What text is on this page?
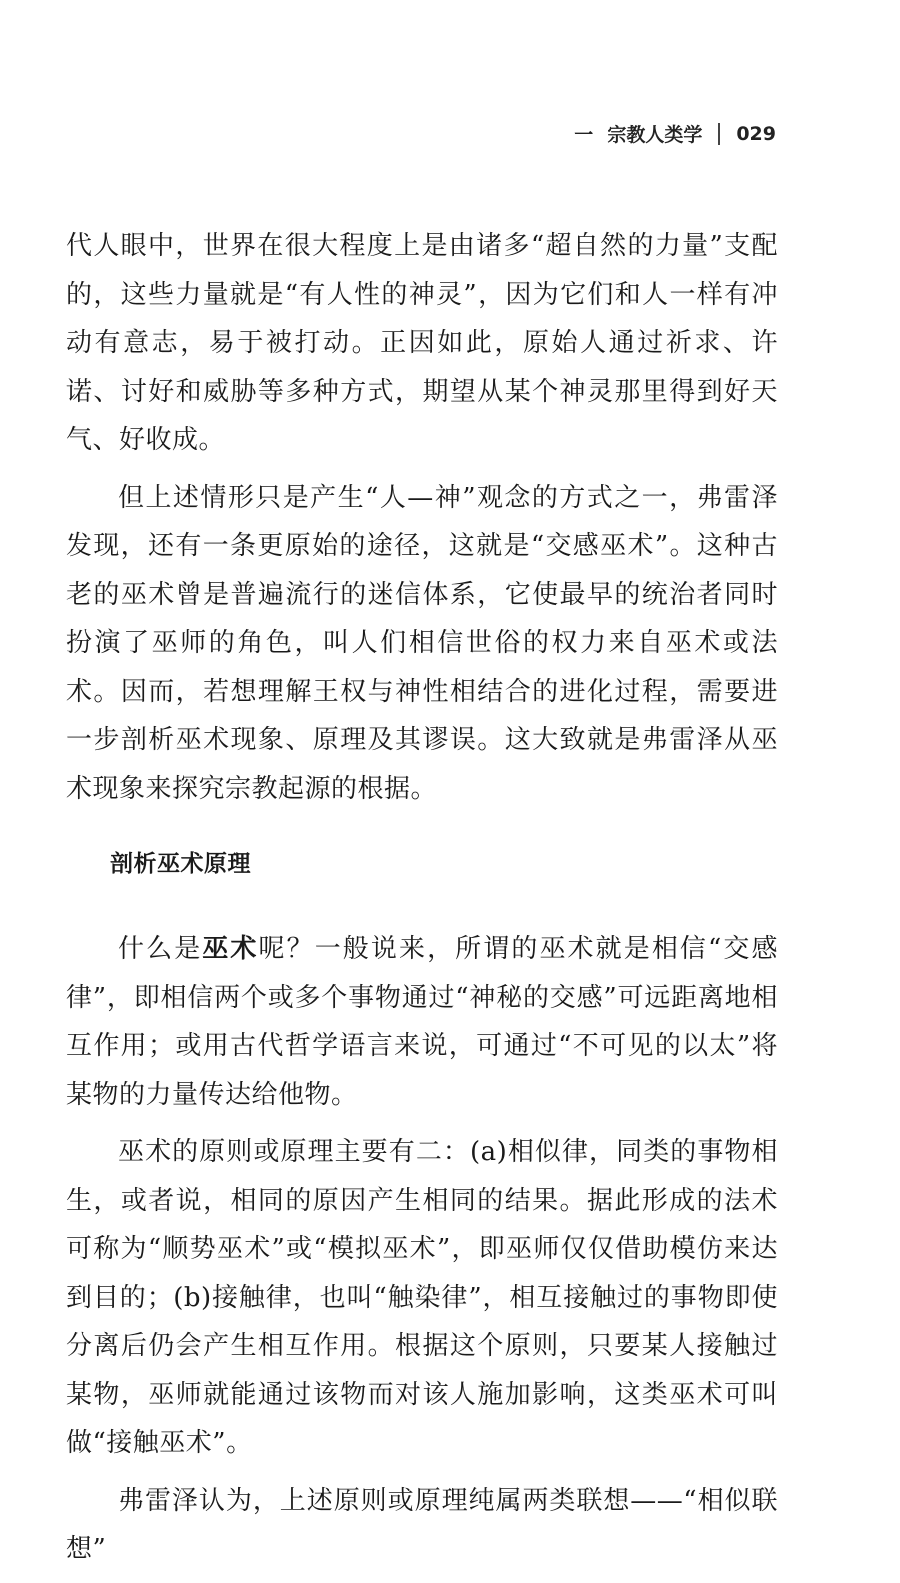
一 宗教人类学 029

代人眼中，世界在很大程度上是由诸多“超自然的力量”支配的，这些力量就是“有人性的神灵”，因为它们和人一样有冲动有意志，易于被打动。正因如此，原始人通过祈求、许诺、讨好和威胁等多种方式，期望从某个神灵那里得到好天气、好收成。

但上述情形只是产生“人—神”观念的方式之一，弗雷泽发现，还有一条更原始的途径，这就是“交感巫术”。这种古老的巫术曾是普遍流行的迷信体系，它使最早的统治者同时扮演了巫师的角色，叫人们相信世俗的权力来自巫术或法术。因而，若想理解王权与神性相结合的进化过程，需要进一步剖析巫术现象、原理及其谬误。这大致就是弗雷泽从巫术现象来探究宗教起源的根据。

剖析巫术原理

什么是巫术呢？一般说来，所谓的巫术就是相信“交感律”，即相信两个或多个事物通过“神秘的交感”可远距离地相互作用；或用古代哲学语言来说，可通过“不可见的以太”将某物的力量传达给他物。

巫术的原则或原理主要有二：(a)相似律，同类的事物相生，或者说，相同的原因产生相同的结果。据此形成的法术可称为“顺势巫术”或“模拟巫术”，即巫师仅仅借助模仿来达到目的；(b)接触律，也叫“触染律”，相互接触过的事物即使分离后仍会产生相互作用。根据这个原则，只要某人接触过某物，巫师就能通过该物而对该人施加影响，这类巫术可叫做“接触巫术”。

弗雷泽认为，上述原则或原理纯属两类联想——“相似联想”
